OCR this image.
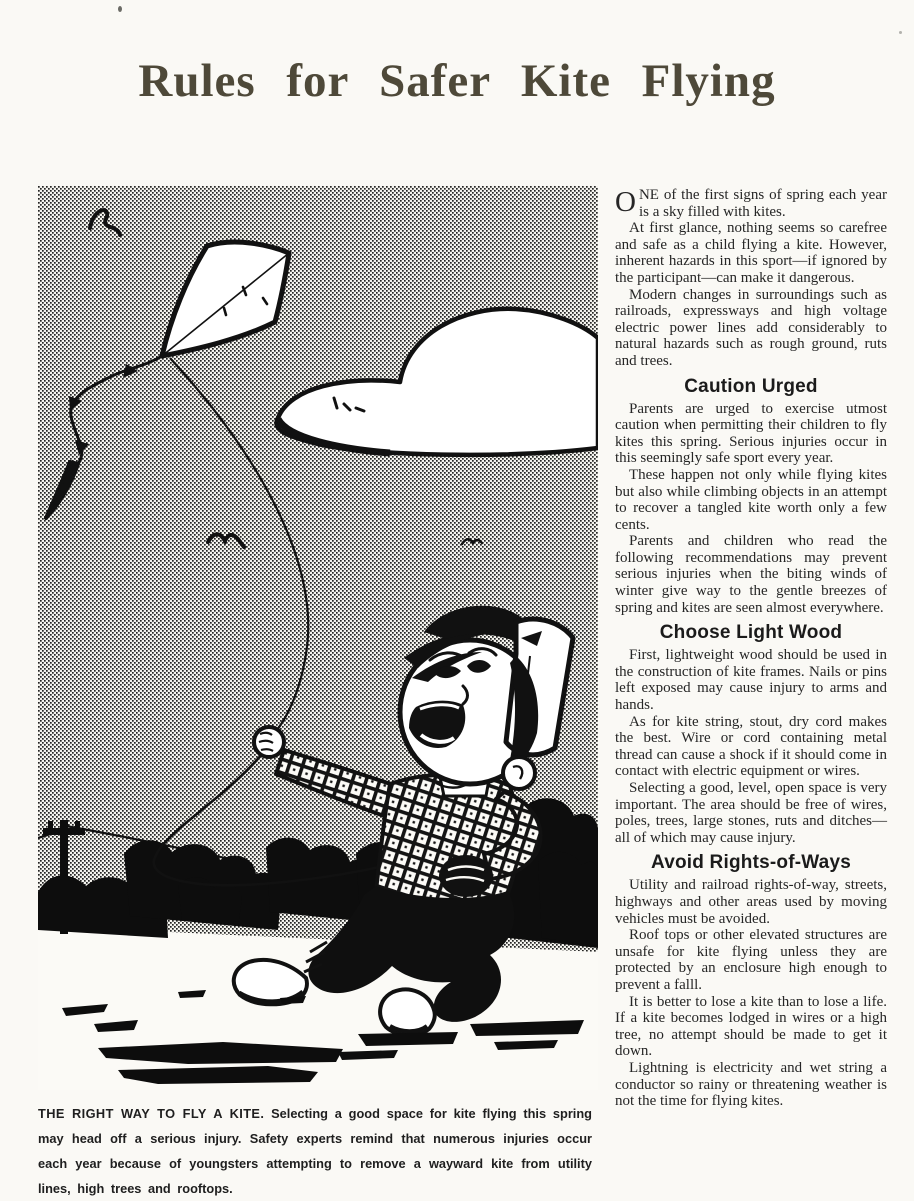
Rules for Safer Kite Flying

ONE of the first signs of spring each year is a sky filled with kites.

At first glance, nothing seems so carefree and safe as a child flying a kite. However, inherent hazards in this sport—if ignored by the participant—can make it dangerous.

Modern changes in surroundings such as railroads, expressways and high voltage electric power lines add considerably to natural hazards such as rough ground, ruts and trees.

Caution Urged

Parents are urged to exercise utmost caution when permitting their children to fly kites this spring. Serious injuries occur in this seemingly safe sport every year.

These happen not only while flying kites but also while climbing objects in an attempt to recover a tangled kite worth only a few cents.

Parents and children who read the following recommendations may prevent serious injuries when the biting winds of winter give way to the gentle breezes of spring and kites are seen almost everywhere.

Choose Light Wood

First, lightweight wood should be used in the construction of kite frames. Nails or pins left exposed may cause injury to arms and hands.

As for kite string, stout, dry cord makes the best. Wire or cord containing metal thread can cause a shock if it should come in contact with electric equipment or wires.

Selecting a good, level, open space is very important. The area should be free of wires, poles, trees, large stones, ruts and ditches—all of which may cause injury.

Avoid Rights-of-Ways

Utility and railroad rights-of-way, streets, highways and other areas used by moving vehicles must be avoided.

Roof tops or other elevated structures are unsafe for kite flying unless they are protected by an enclosure high enough to prevent a falll.

It is better to lose a kite than to lose a life. If a kite becomes lodged in wires or a high tree, no attempt should be made to get it down.

Lightning is electricity and wet string a conductor so rainy or threatening weather is not the time for flying kites.

THE RIGHT WAY TO FLY A KITE. Selecting a good space for kite flying this spring may head off a serious injury. Safety experts remind that numerous injuries occur each year because of youngsters attempting to remove a wayward kite from utility lines, high trees and rooftops.
